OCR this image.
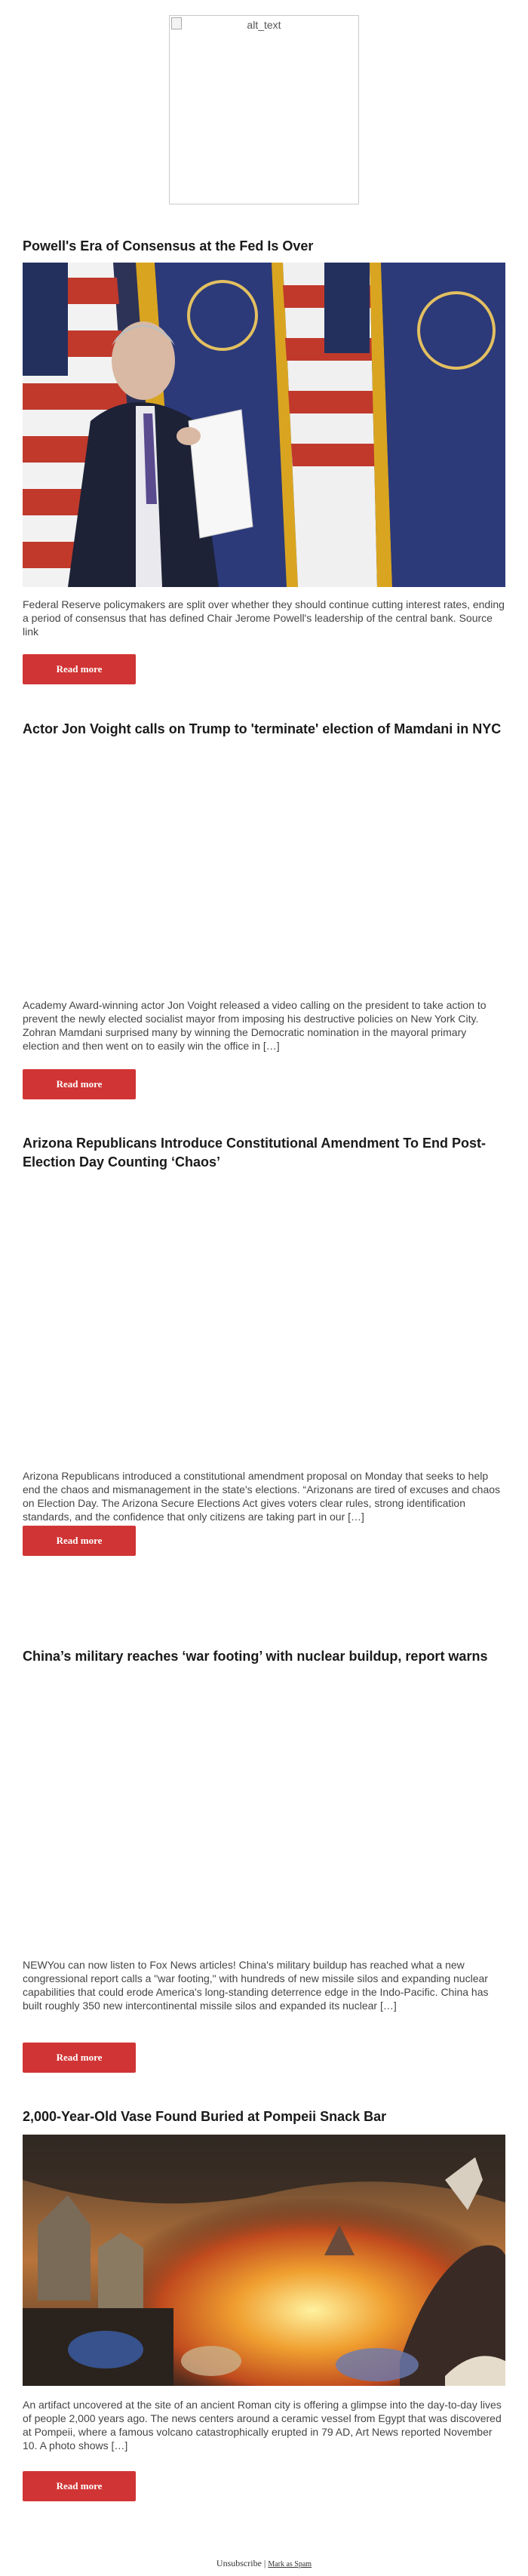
alt_text
Powell's Era of Consensus at the Fed Is Over

Federal Reserve policymakers are split over whether they should continue cutting interest rates, ending a period of consensus that has defined Chair Jerome Powell's leadership of the central bank. Source link

Read more
Actor Jon Voight calls on Trump to 'terminate' election of Mamdani in NYC

Academy Award-winning actor Jon Voight released a video calling on the president to take action to prevent the newly elected socialist mayor from imposing his destructive policies on New York City. Zohran Mamdani surprised many by winning the Democratic nomination in the mayoral primary election and then went on to easily win the office in […]

Read more
Arizona Republicans Introduce Constitutional Amendment To End Post-Election Day Counting ‘Chaos’

Arizona Republicans introduced a constitutional amendment proposal on Monday that seeks to help end the chaos and mismanagement in the state's elections. “Arizonans are tired of excuses and chaos on Election Day. The Arizona Secure Elections Act gives voters clear rules, strong identification standards, and the confidence that only citizens are taking part in our […]

Read more
China’s military reaches ‘war footing’ with nuclear buildup, report warns

NEWYou can now listen to Fox News articles! China's military buildup has reached what a new congressional report calls a "war footing," with hundreds of new missile silos and expanding nuclear capabilities that could erode America's long-standing deterrence edge in the Indo-Pacific. China has built roughly 350 new intercontinental missile silos and expanded its nuclear […]

Read more
2,000-Year-Old Vase Found Buried at Pompeii Snack Bar

An artifact uncovered at the site of an ancient Roman city is offering a glimpse into the day-to-day lives of people 2,000 years ago. The news centers around a ceramic vessel from Egypt that was discovered at Pompeii, where a famous volcano catastrophically erupted in 79 AD, Art News reported November 10. A photo shows […]

Read more
Unsubscribe | Mark as Spam
